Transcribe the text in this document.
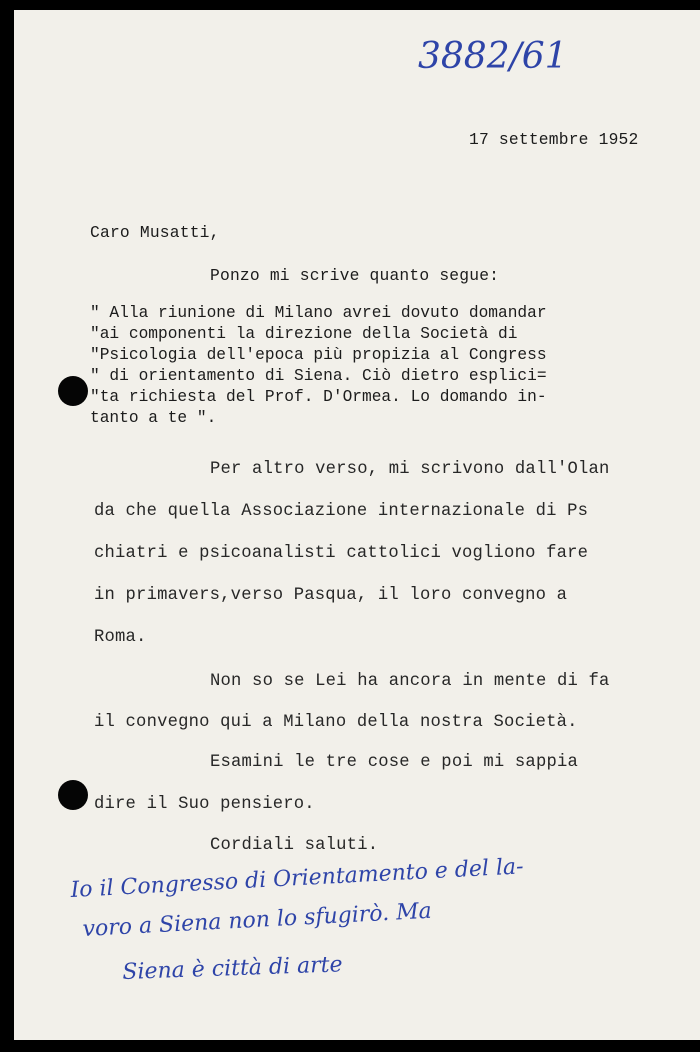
3882/61
17 settembre 1952
Caro Musatti,
Ponzo mi scrive quanto segue:
" Alla riunione di Milano avrei dovuto domandar
"ai componenti la direzione della Società di
"Psicologia dell'epoca più propizia al Congress
" di orientamento di Siena. Ciò dietro esplici=
"ta richiesta del Prof. D'Ormea. Lo domando in-
tanto a te ".
Per altro verso, mi scrivono dall'Olan
da che quella Associazione internazionale di Ps
chiatri e psicoanalisti cattolici vogliono fare
in primavers,verso Pasqua, il loro convegno a
Roma.
Non so se Lei ha ancora in mente di fa
il convegno qui a Milano della nostra Società.
Esamini le tre cose e poi mi sappia
dire il Suo pensiero.
Cordiali saluti.
Io il Congresso di Orientamento e del la-
voro a Siena non lo sfugirò. Ma
Siena è città di arte
